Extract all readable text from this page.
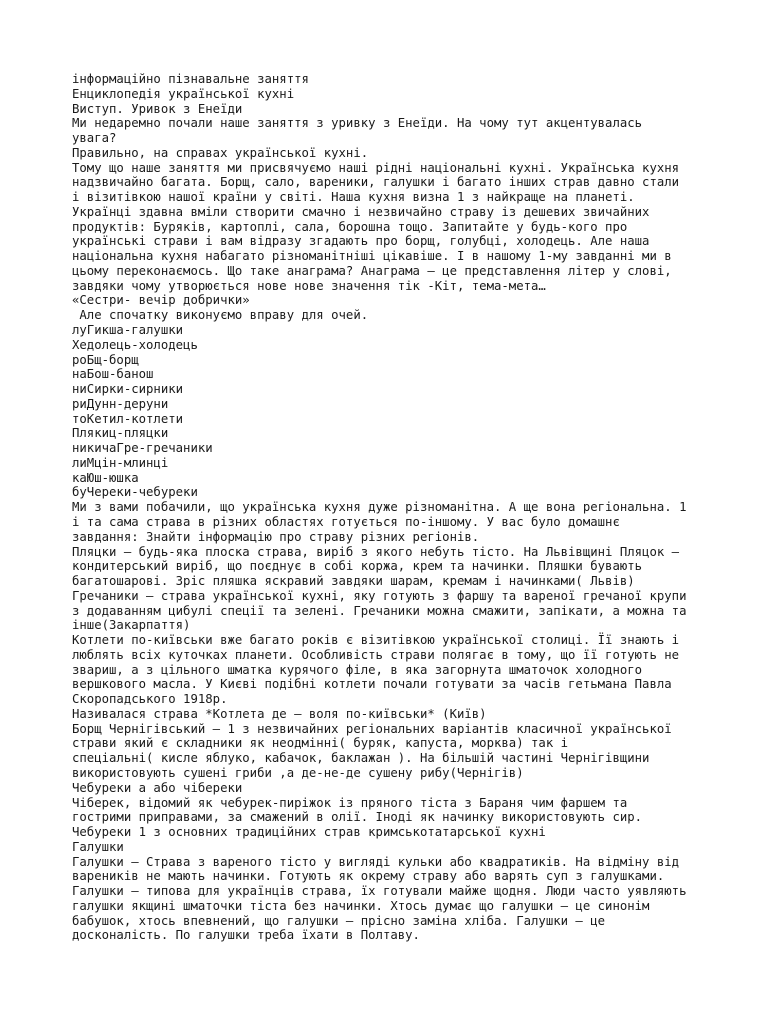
інформаційно пізнавальне заняття
Енциклопедія української кухні
Виступ. Уривок з Енеїди
Ми недаремно почали наше заняття з уривку з Енеїди. На чому тут акцентувалась
увага?
Правильно, на справах української кухні.
Тому що наше заняття ми присвячуємо наші рідні національні кухні. Українська кухня
надзвичайно багата. Борщ, сало, вареники, галушки і багато інших страв давно стали
і візитівкою нашої країни у світі. Наша кухня визна 1 з найкраще на планеті.
Українці здавна вміли створити смачно і незвичайно страву із дешевих звичайних
продуктів: Буряків, картоплі, сала, борошна тощо. Запитайте у будь-кого про
українські страви і вам відразу згадають про борщ, голубці, холодець. Але наша
національна кухня набагато різноманітніші цікавіше. І в нашому 1-му завданні ми в
цьому переконаємось. Що таке анаграма? Анаграма — це представлення літер у слові,
завдяки чому утворюється нове нове значення тік -Кіт, тема-мета…
«Сестри- вечір добрички»
Але спочатку виконуємо вправу для очей.
луГикша-галушки
Хедолець-холодець
роБщ-борщ
наБош-банош
ниСирки-сирники
риДунн-деруни
тоКетил-котлети
Плякиц-пляцки
никичаГре-гречаники
лиМцін-млинці
каЮш-юшка
буЧереки-чебуреки
Ми з вами побачили, що українська кухня дуже різноманітна. А ще вона регіональна. 1
і та сама страва в різних областях готується по-іншому. У вас було домашнє
завдання: Знайти інформацію про страву різних регіонів.
Пляцки — будь-яка плоска страва, виріб з якого небуть тісто. На Львівщині Пляцок —
кондитерський виріб, що поєднує в собі коржа, крем та начинки. Пляшки бувають
багатошарові. Зріс пляшка яскравий завдяки шарам, кремам і начинками( Львів)
Гречаники — страва української кухні, яку готують з фаршу та вареної гречаної крупи
з додаванням цибулі спеції та зелені. Гречаники можна смажити, запікати, а можна та
інше(Закарпаття)
Котлети по-київськи вже багато років є візитівкою української столиці. Її знають і
люблять всіх куточках планети. Особливість страви полягає в тому, що її готують не
звариш, а з цільного шматка курячого філе, в яка загорнута шматочок холодного
вершкового масла. У Києві подібні котлети почали готувати за часів гетьмана Павла
Скоропадського 1918р.
Називалася страва *Котлета де — воля по-київськи* (Київ)
Борщ Чернігівський — 1 з незвичайних регіональних варіантів класичної української
страви який є складники як неодмінні( буряк, капуста, морква) так і
спеціальні( кисле яблуко, кабачок, баклажан ). На більшій частині Чернігівщини
використовують сушені гриби ,а де-не-де сушену рибу(Чернігів)
Чебуреки а або чіберeки
Чіберек, відомий як чебурек-пиріжок із пряного тіста з Бараня чим фаршем та
гострими приправами, за смажений в олії. Іноді як начинку використовують сир.
Чебуреки 1 з основних традиційних страв кримськотатарської кухні
Галушки
Галушки — Страва з вареного тісто у вигляді кульки або квадратиків. На відміну від
вареників не мають начинки. Готують як окрему страву або варять суп з галушками.
Галушки — типова для українців страва, їх готували майже щодня. Люди часто уявляють
галушки якщині шматочки тіста без начинки. Хтось думає що галушки — це синонім
бабушок, хтось впевнений, що галушки — прісно заміна хліба. Галушки — це
досконаліcть. По галушки треба їхати в Полтаву.
